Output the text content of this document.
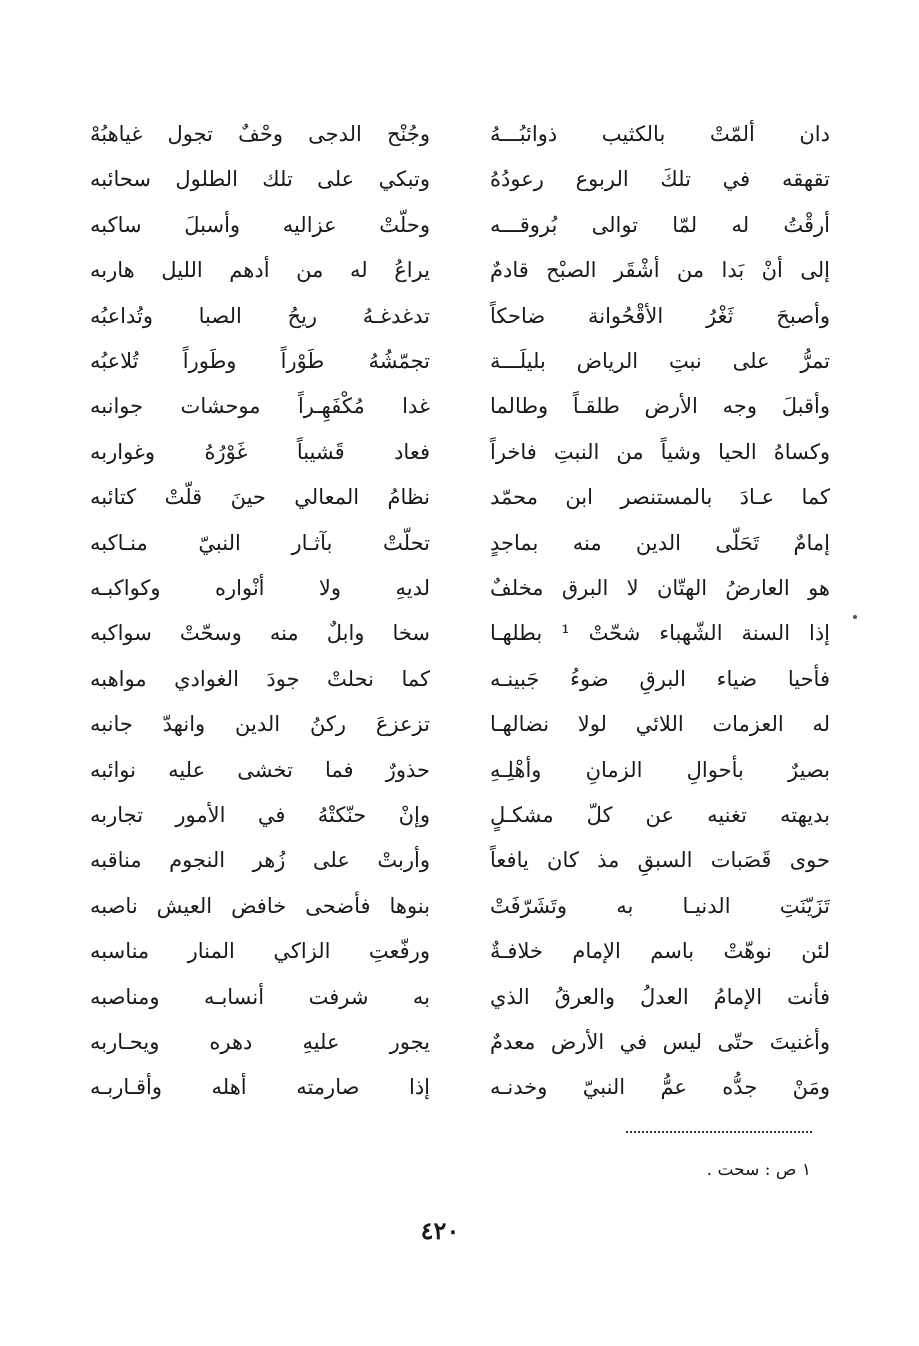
دان ألمّتْ بالكثيب ذوائبُـــهُ
وجُنْح الدجى وحْفٌ تجول غياهبُهْ
تقهقه في تلكَ الربوع رعودُهُ
وتبكي على تلك الطلول سحائبه
أرقْتُ له لمّا توالى بُروقـــه
وحلّتْ عزاليه وأسبلَ ساكبه
إلى أنْ بَدا من أشْقَر الصبْح قادمٌ
يراعُ له من أدهم الليل هاربه
وأصبحَ ثَغْرُ الأقْحُوانة ضاحكاً
تدغدغـهُ ريحُ الصبا وتُداعبُه
تمرُّ على نبتِ الرياض بليلَـــة
تجمّشُهُ طَوْراً وطَوراً تُلاعبُه
وأقبلَ وجه الأرض طلقـاً وطالما
غدا مُكْفَهِـراً موحشات جوانبه
وكساهُ الحيا وشياً من النبتِ فاخراً
فعاد قَشيباً غَوْرُهُ وغواربه
كما عـادَ بالمستنصر ابن محمّد
نظامُ المعالي حينَ قلّتْ كتائبه
إمامٌ تَحَلّى الدين منه بماجدٍ
تحلّتْ بآثـار النبيّ منـاكبه
هو العارضُ الهتّان لا البرق مخلفٌ
لديهِ ولا أنْواره وكواكبـه
إذا السنة الشّهباء شحّتْ ¹ بطلهـا
سخا وابلٌ منه وسحّتْ سواكبه
فأحيا ضياء البرقِ ضوءُ جَبينـه
كما نحلتْ جودَ الغوادي مواهبه
له العزمات اللائي لولا نضالهـا
تزعزعَ ركنُ الدين وانهدّ جانبه
بصيرٌ بأحوالِ الزمانِ وأهْلِـهِ
حذورٌ فما تخشى عليه نوائبه
بديهته تغنيه عن كلّ مشكـلٍ
وإنْ حنّكتْهُ في الأمور تجاربه
حوى قَصَبات السبقِ مذ كان يافعاً
وأربتْ على زُهر النجوم مناقبه
تَزَيّنَتِ الدنيـا به وتَشَرّفَتْ
بنوها فأضحى خافض العيش ناصبه
لئن نوهّتْ باسم الإمام خلافـةٌ
ورفّعتِ الزاكي المنار مناسبه
فأنت الإمامُ العدلُ والعرقُ الذي
به شرفت أنسابـه ومناصبه
وأغنيتَ حتّى ليس في الأرض معدمٌ
يجور عليهِ دهره ويحـاربه
ومَنْ جدُّه عمُّ النبيّ وخدنـه
إذا صارمته أهله وأقـاربـه
١ ص : سحت .
٤٢٠
